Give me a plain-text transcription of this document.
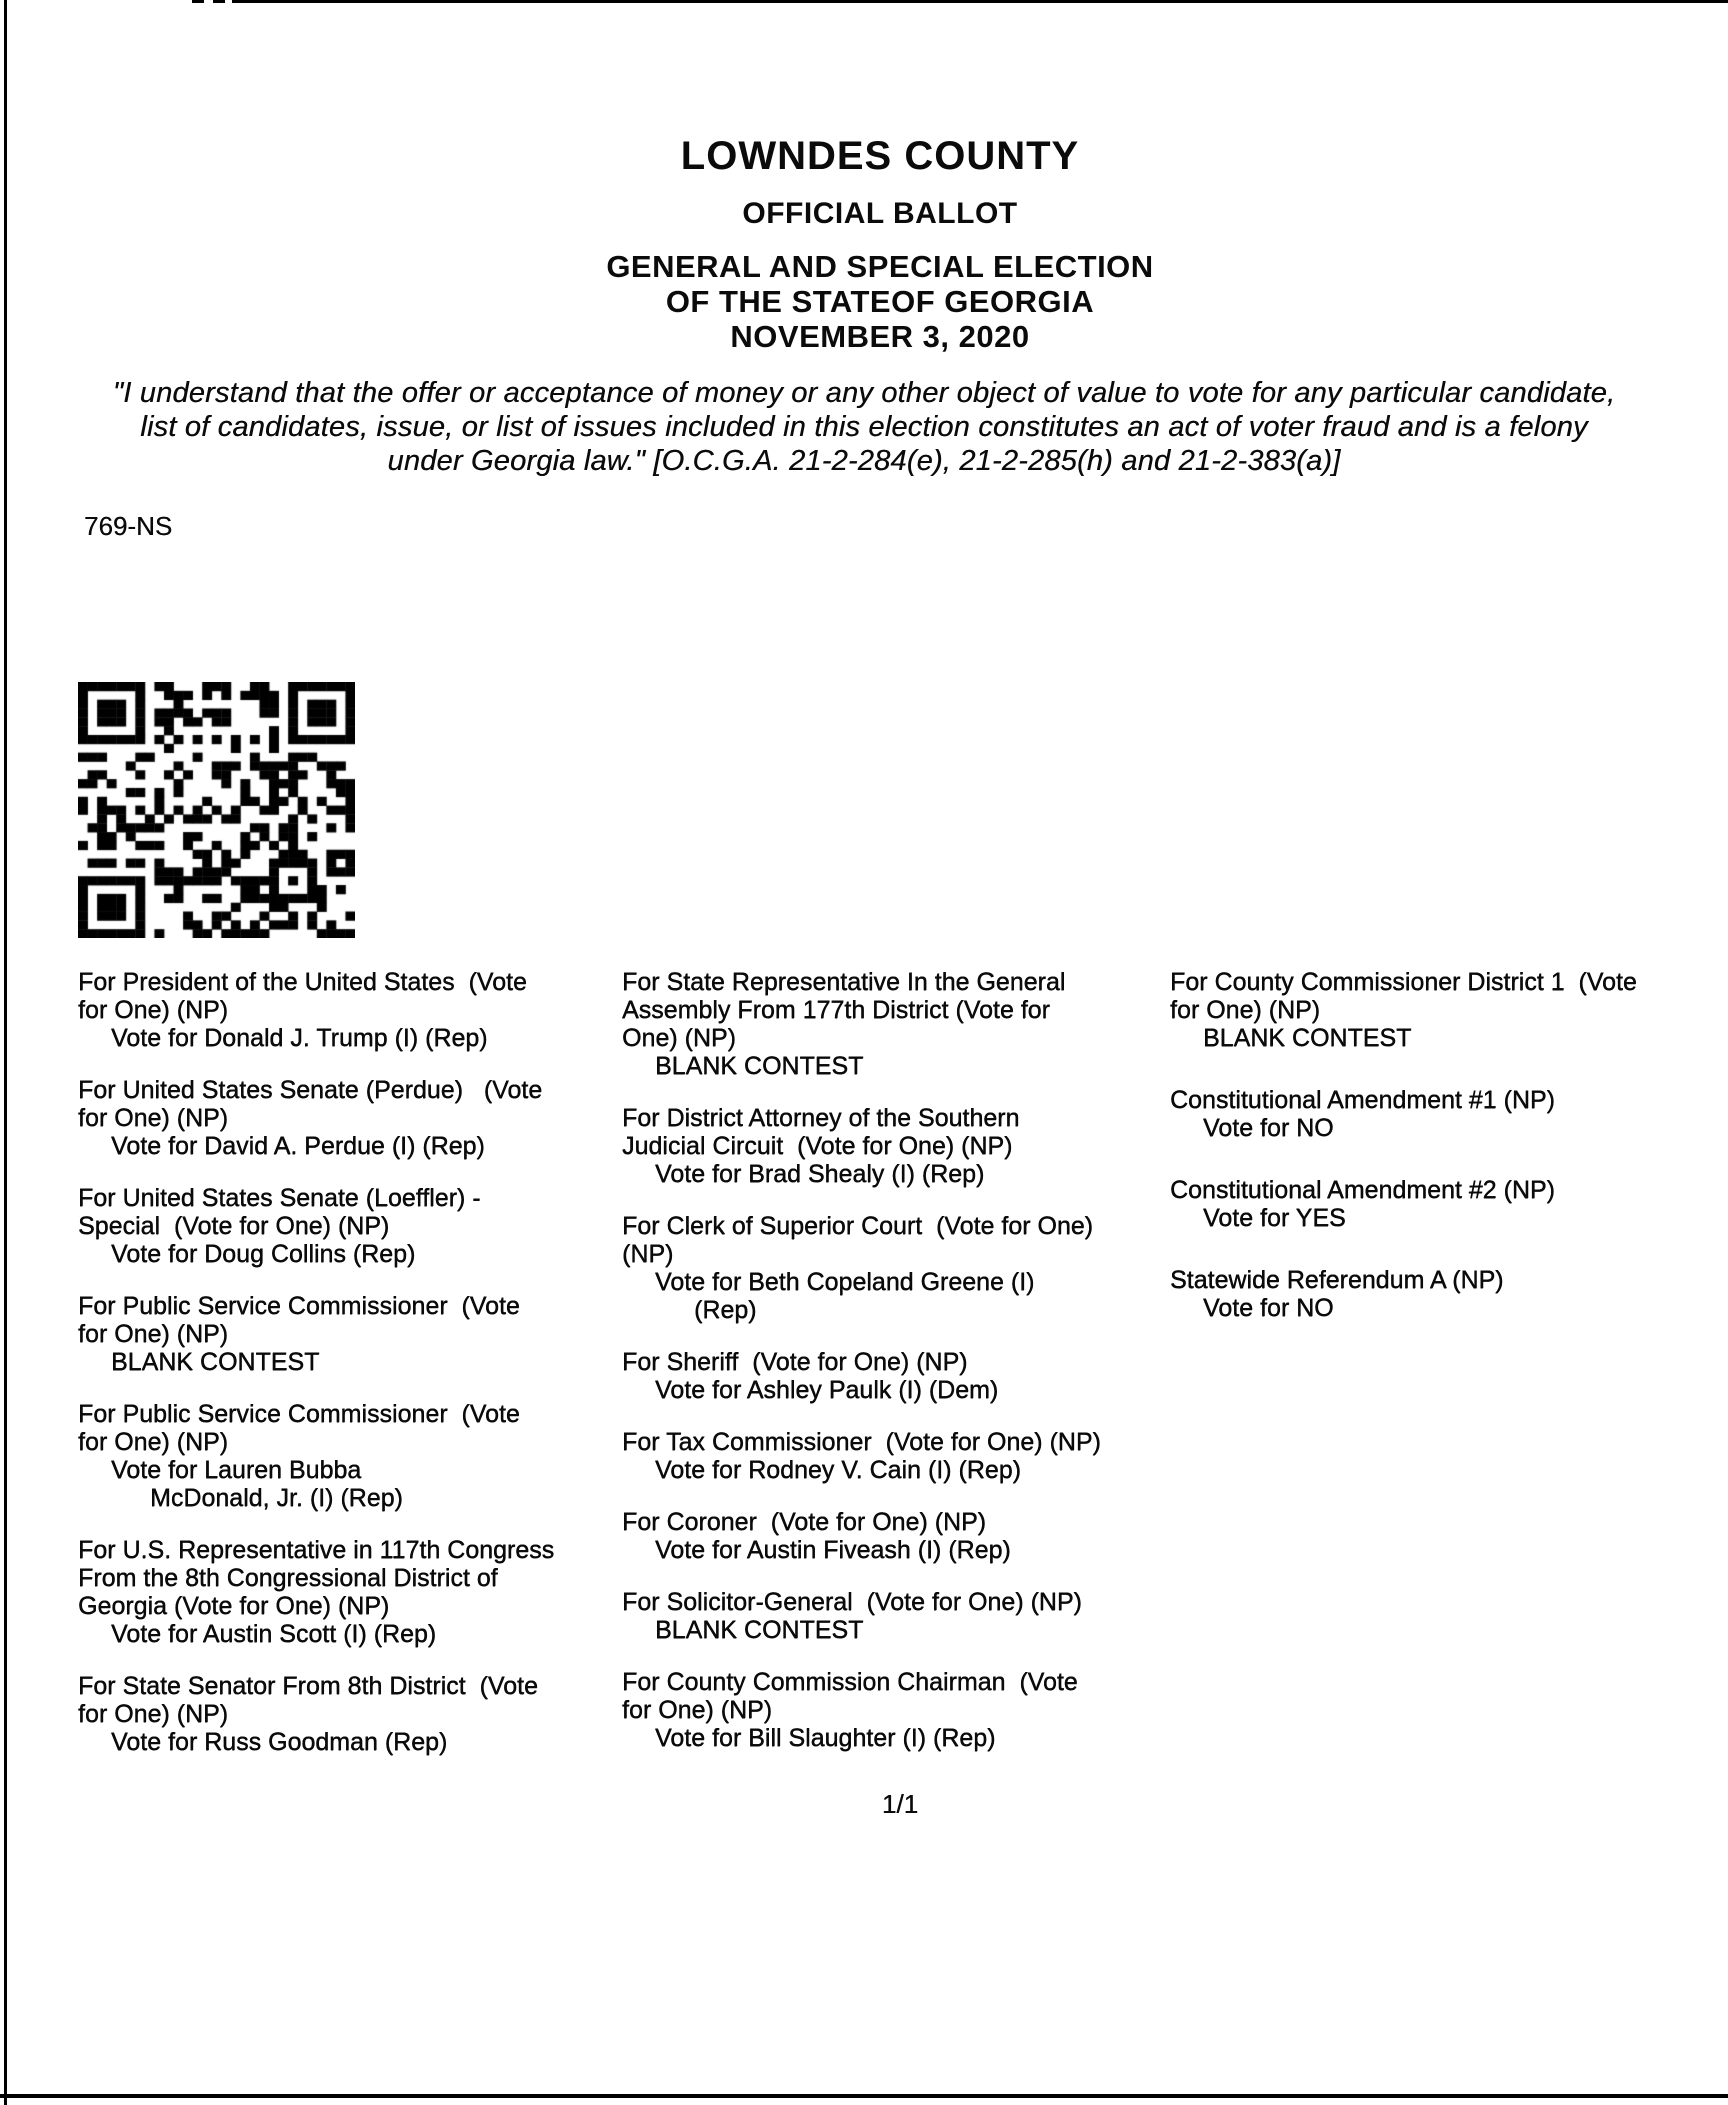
LOWNDES COUNTY
OFFICIAL BALLOT
GENERAL AND SPECIAL ELECTION
OF THE STATEOF GEORGIA
NOVEMBER 3, 2020
"I understand that the offer or acceptance of money or any other object of value to vote for any particular candidate,
list of candidates, issue, or list of issues included in this election constitutes an act of voter fraud and is a felony
under Georgia law." [O.C.G.A. 21-2-284(e), 21-2-285(h) and 21-2-383(a)]
769-NS
For President of the United States  (Vote
for One) (NP)
Vote for Donald J. Trump (I) (Rep)
For United States Senate (Perdue)   (Vote
for One) (NP)
Vote for David A. Perdue (I) (Rep)
For United States Senate (Loeffler) -
Special  (Vote for One) (NP)
Vote for Doug Collins (Rep)
For Public Service Commissioner  (Vote
for One) (NP)
BLANK CONTEST
For Public Service Commissioner  (Vote
for One) (NP)
Vote for Lauren Bubba
McDonald, Jr. (I) (Rep)
For U.S. Representative in 117th Congress
From the 8th Congressional District of
Georgia (Vote for One) (NP)
Vote for Austin Scott (I) (Rep)
For State Senator From 8th District  (Vote
for One) (NP)
Vote for Russ Goodman (Rep)
For State Representative In the General
Assembly From 177th District (Vote for
One) (NP)
BLANK CONTEST
For District Attorney of the Southern
Judicial Circuit  (Vote for One) (NP)
Vote for Brad Shealy (I) (Rep)
For Clerk of Superior Court  (Vote for One)
(NP)
Vote for Beth Copeland Greene (I)
(Rep)
For Sheriff  (Vote for One) (NP)
Vote for Ashley Paulk (I) (Dem)
For Tax Commissioner  (Vote for One) (NP)
Vote for Rodney V. Cain (I) (Rep)
For Coroner  (Vote for One) (NP)
Vote for Austin Fiveash (I) (Rep)
For Solicitor-General  (Vote for One) (NP)
BLANK CONTEST
For County Commission Chairman  (Vote
for One) (NP)
Vote for Bill Slaughter (I) (Rep)
For County Commissioner District 1  (Vote
for One) (NP)
BLANK CONTEST
Constitutional Amendment #1 (NP)
Vote for NO
Constitutional Amendment #2 (NP)
Vote for YES
Statewide Referendum A (NP)
Vote for NO
1/1
